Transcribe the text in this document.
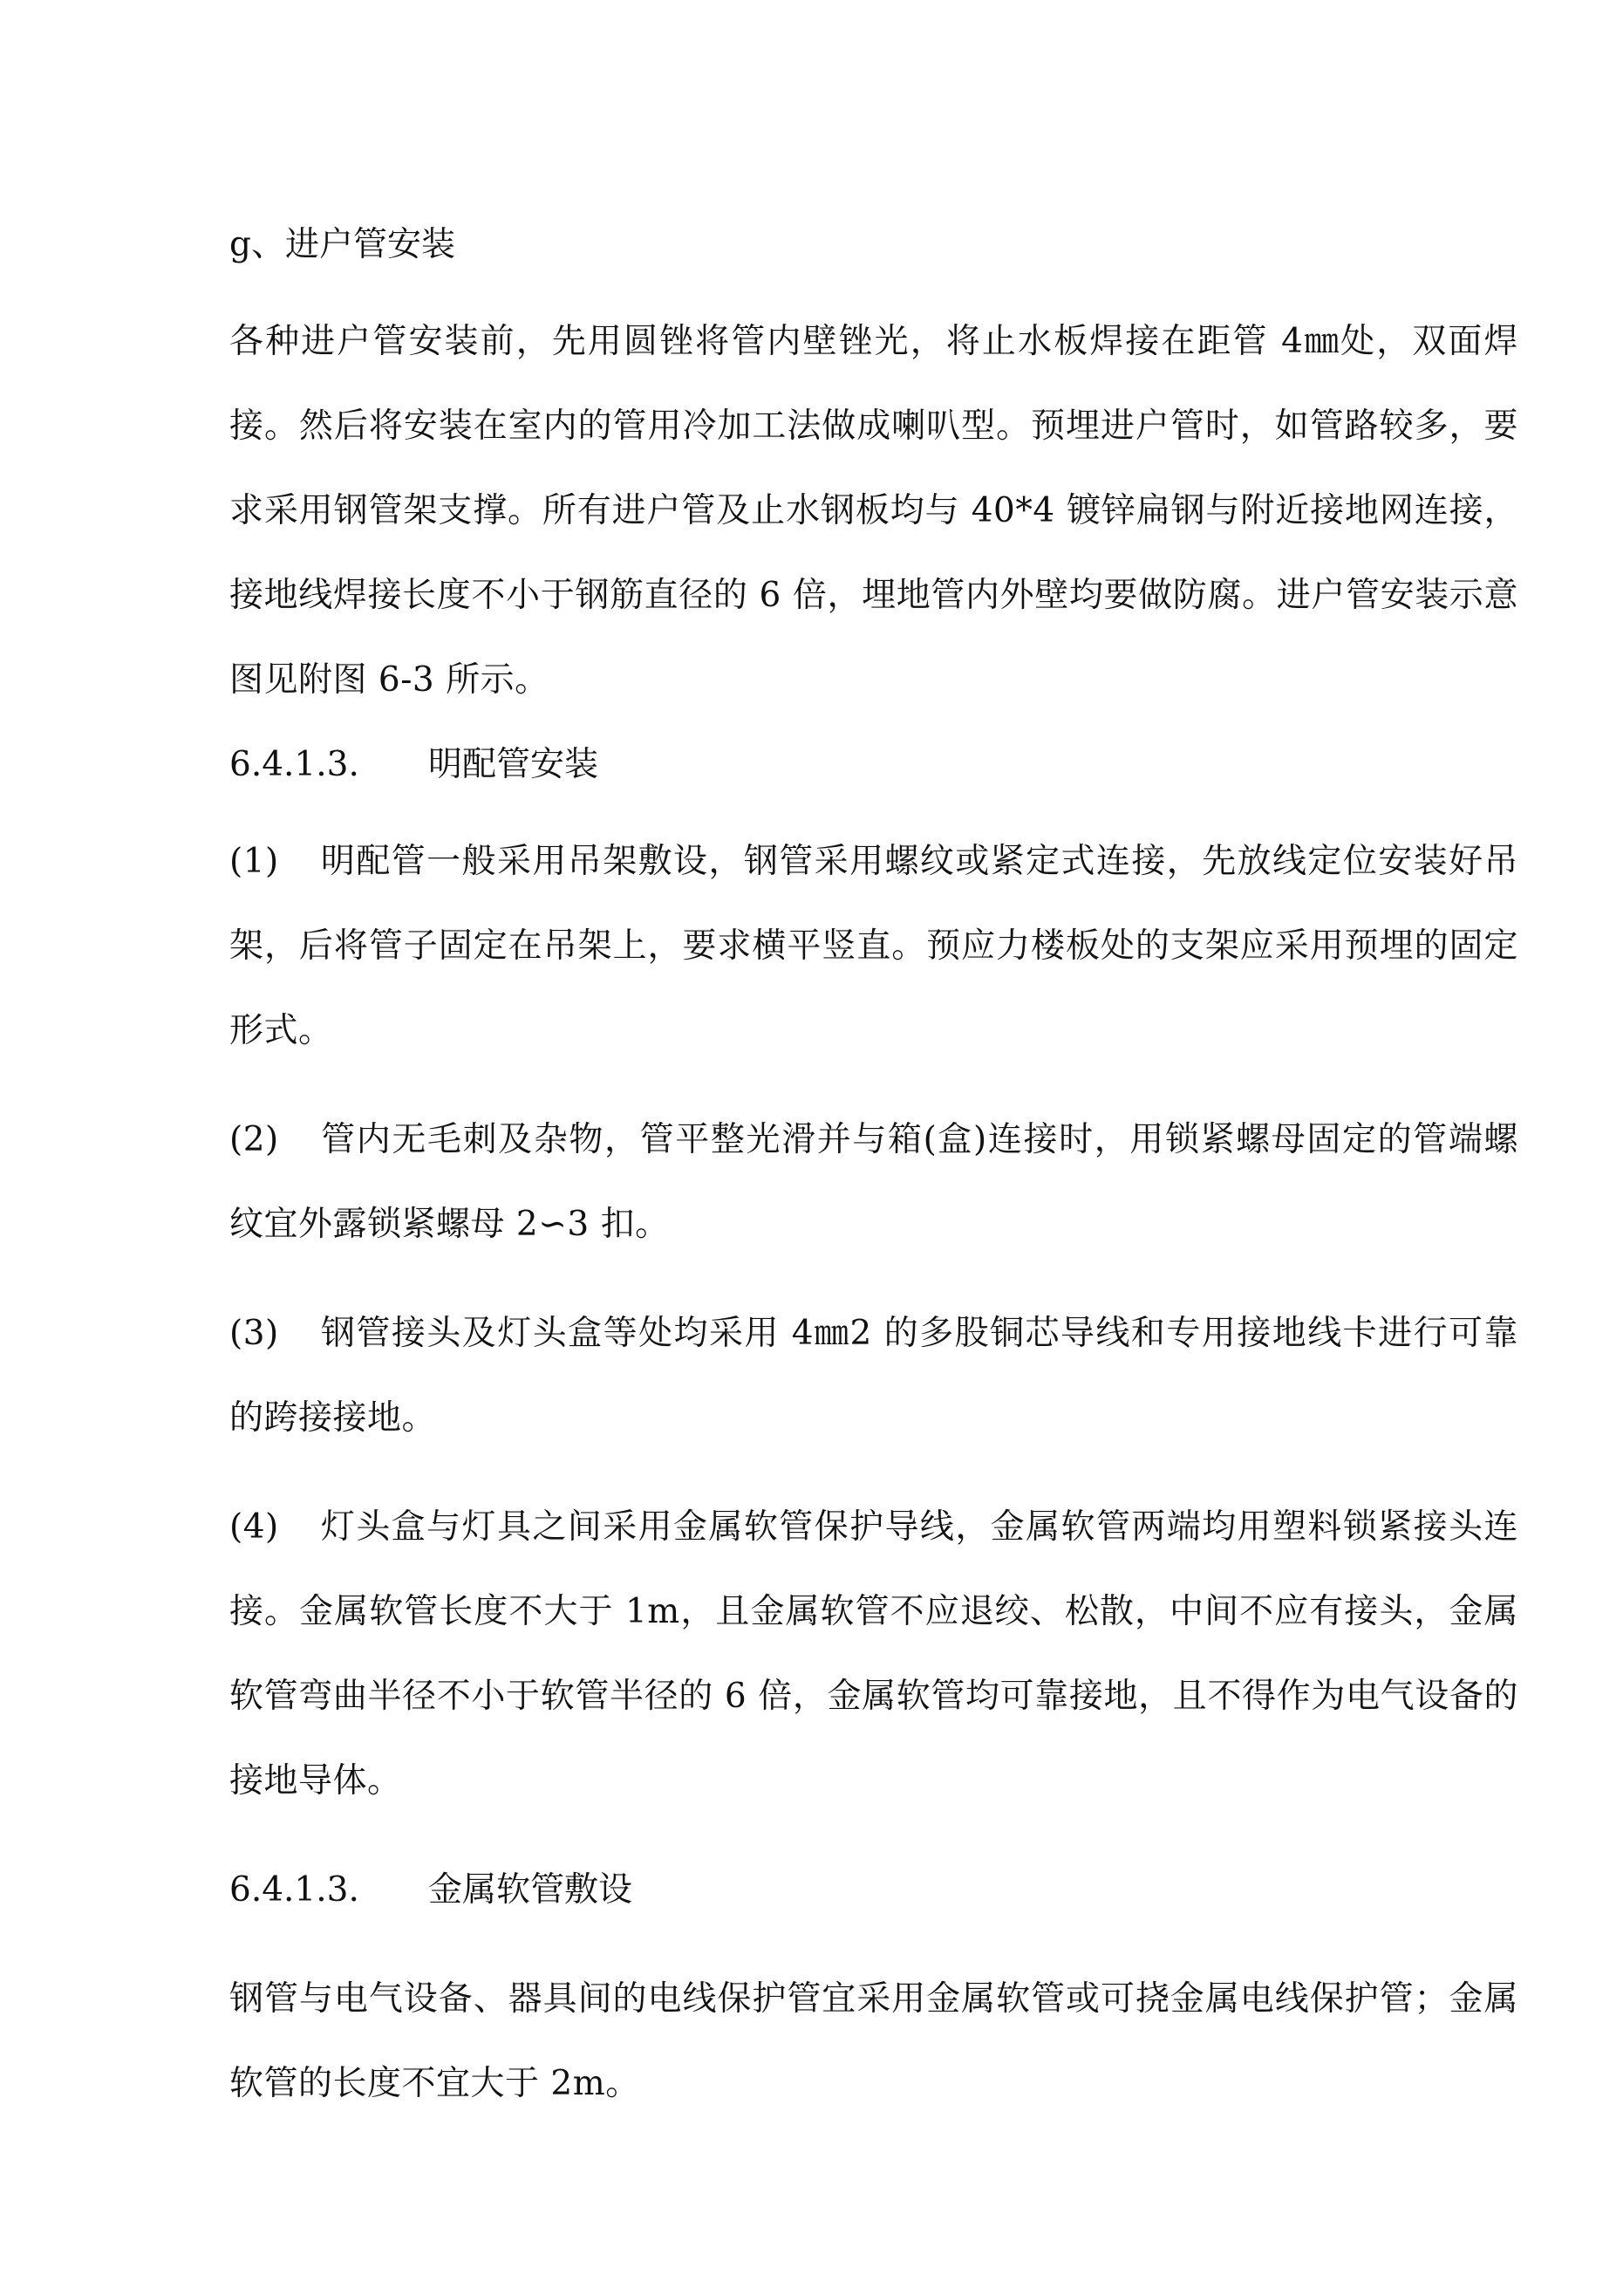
g、进户管安装

各种进户管安装前，先用圆锉将管内壁锉光，将止水板焊接在距管 4㎜处，双面焊接。然后将安装在室内的管用冷加工法做成喇叭型。预埋进户管时，如管路较多，要求采用钢管架支撑。所有进户管及止水钢板均与 40*4 镀锌扁钢与附近接地网连接，接地线焊接长度不小于钢筋直径的 6 倍，埋地管内外壁均要做防腐。进户管安装示意图见附图 6-3 所示。

6.4.1.3. 明配管安装

(1) 明配管一般采用吊架敷设，钢管采用螺纹或紧定式连接，先放线定位安装好吊架，后将管子固定在吊架上，要求横平竖直。预应力楼板处的支架应采用预埋的固定形式。

(2) 管内无毛刺及杂物，管平整光滑并与箱(盒)连接时，用锁紧螺母固定的管端螺纹宜外露锁紧螺母 2∽3 扣。

(3) 钢管接头及灯头盒等处均采用 4㎜2 的多股铜芯导线和专用接地线卡进行可靠的跨接接地。

(4) 灯头盒与灯具之间采用金属软管保护导线，金属软管两端均用塑料锁紧接头连接。金属软管长度不大于 1m，且金属软管不应退绞、松散，中间不应有接头，金属软管弯曲半径不小于软管半径的 6 倍，金属软管均可靠接地，且不得作为电气设备的接地导体。

6.4.1.3. 金属软管敷设

钢管与电气设备、器具间的电线保护管宜采用金属软管或可挠金属电线保护管；金属软管的长度不宜大于 2m。
